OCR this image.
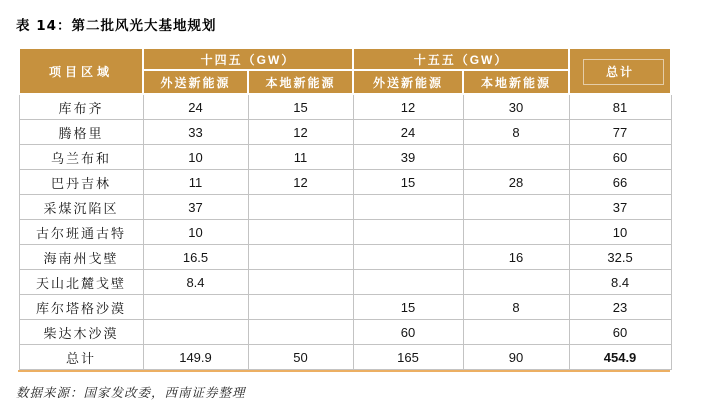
表 14：第二批风光大基地规划
项目区域	十四五（GW）		十五五（GW）		总计

	外送新能源	本地新能源	外送新能源	本地新能源	
库布齐	24	15	12	30	81
腾格里	33	12	24	8	77
乌兰布和	10	11	39		60
巴丹吉林	11	12	15	28	66
采煤沉陷区	37				37
古尔班通古特	10				10
海南州戈壁	16.5			16	32.5
天山北麓戈壁	8.4				8.4
库尔塔格沙漠			15	8	23
柴达木沙漠			60		60
总计	149.9	50	165	90	454.9
数据来源：国家发改委，西南证券整理
